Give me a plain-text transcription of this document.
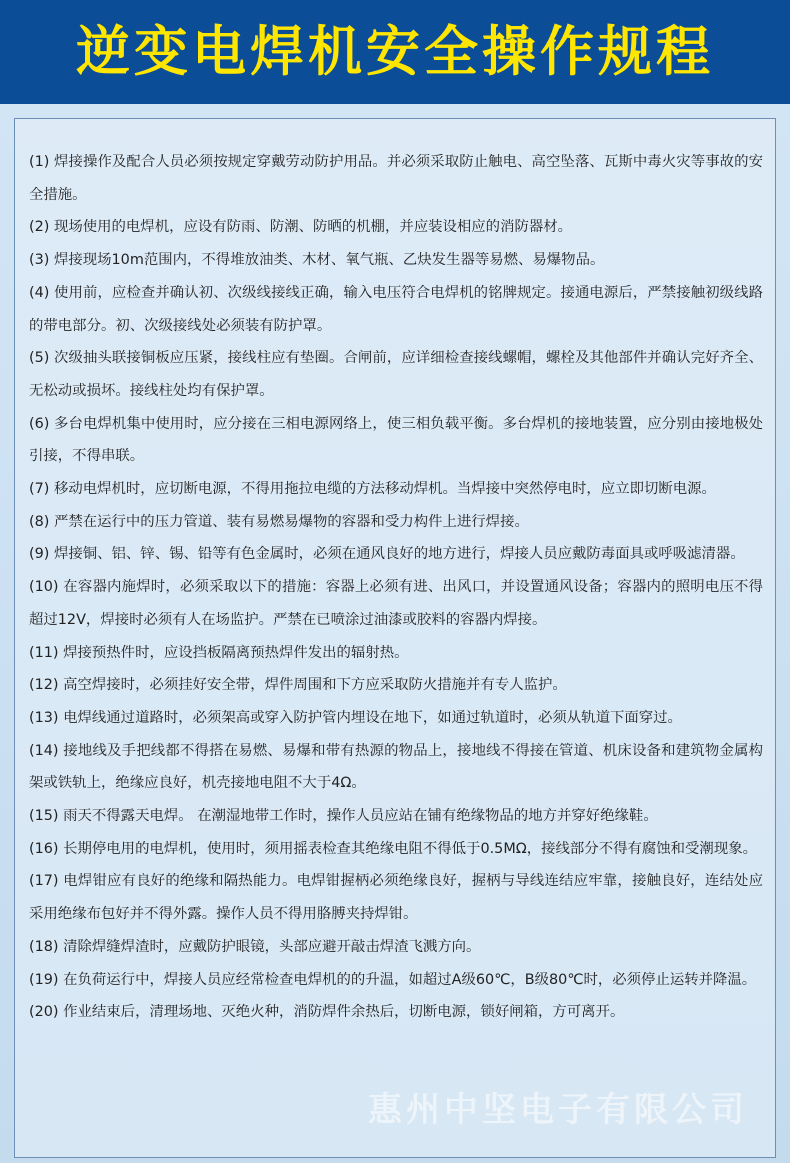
逆变电焊机安全操作规程

(1) 焊接操作及配合人员必须按规定穿戴劳动防护用品。并必须采取防止触电、高空坠落、瓦斯中毒火灾等事故的安全措施。

(2) 现场使用的电焊机，应设有防雨、防潮、防晒的机棚，并应装设相应的消防器材。

(3) 焊接现场10m范围内，不得堆放油类、木材、氧气瓶、乙炔发生器等易燃、易爆物品。

(4) 使用前，应检查并确认初、次级线接线正确，输入电压符合电焊机的铭牌规定。接通电源后，严禁接触初级线路的带电部分。初、次级接线处必须装有防护罩。

(5) 次级抽头联接铜板应压紧，接线柱应有垫圈。合闸前，应详细检查接线螺帽，螺栓及其他部件并确认完好齐全、无松动或损坏。接线柱处均有保护罩。

(6) 多台电焊机集中使用时，应分接在三相电源网络上，使三相负载平衡。多台焊机的接地装置，应分别由接地极处引接，不得串联。

(7) 移动电焊机时，应切断电源，不得用拖拉电缆的方法移动焊机。当焊接中突然停电时，应立即切断电源。

(8) 严禁在运行中的压力管道、装有易燃易爆物的容器和受力构件上进行焊接。

(9) 焊接铜、铝、锌、锡、铅等有色金属时，必须在通风良好的地方进行，焊接人员应戴防毒面具或呼吸滤清器。

(10) 在容器内施焊时，必须采取以下的措施：容器上必须有进、出风口，并设置通风设备；容器内的照明电压不得超过12V，焊接时必须有人在场监护。严禁在已喷涂过油漆或胶料的容器内焊接。

(11) 焊接预热件时，应设挡板隔离预热焊件发出的辐射热。

(12) 高空焊接时，必须挂好安全带，焊件周围和下方应采取防火措施并有专人监护。

(13) 电焊线通过道路时，必须架高或穿入防护管内埋设在地下，如通过轨道时，必须从轨道下面穿过。

(14) 接地线及手把线都不得搭在易燃、易爆和带有热源的物品上，接地线不得接在管道、机床设备和建筑物金属构架或铁轨上，绝缘应良好，机壳接地电阻不大于4Ω。

(15) 雨天不得露天电焊。 在潮湿地带工作时，操作人员应站在铺有绝缘物品的地方并穿好绝缘鞋。

(16) 长期停电用的电焊机，使用时，须用摇表检查其绝缘电阻不得低于0.5MΩ，接线部分不得有腐蚀和受潮现象。

(17) 电焊钳应有良好的绝缘和隔热能力。电焊钳握柄必须绝缘良好，握柄与导线连结应牢靠，接触良好，连结处应采用绝缘布包好并不得外露。操作人员不得用胳膊夹持焊钳。

(18) 清除焊缝焊渣时，应戴防护眼镜，头部应避开敲击焊渣飞溅方向。

(19) 在负荷运行中，焊接人员应经常检查电焊机的的升温，如超过A级60℃，B级80℃时，必须停止运转并降温。

(20) 作业结束后，清理场地、灭绝火种，消防焊件余热后，切断电源，锁好闸箱，方可离开。

惠州中坚电子有限公司
